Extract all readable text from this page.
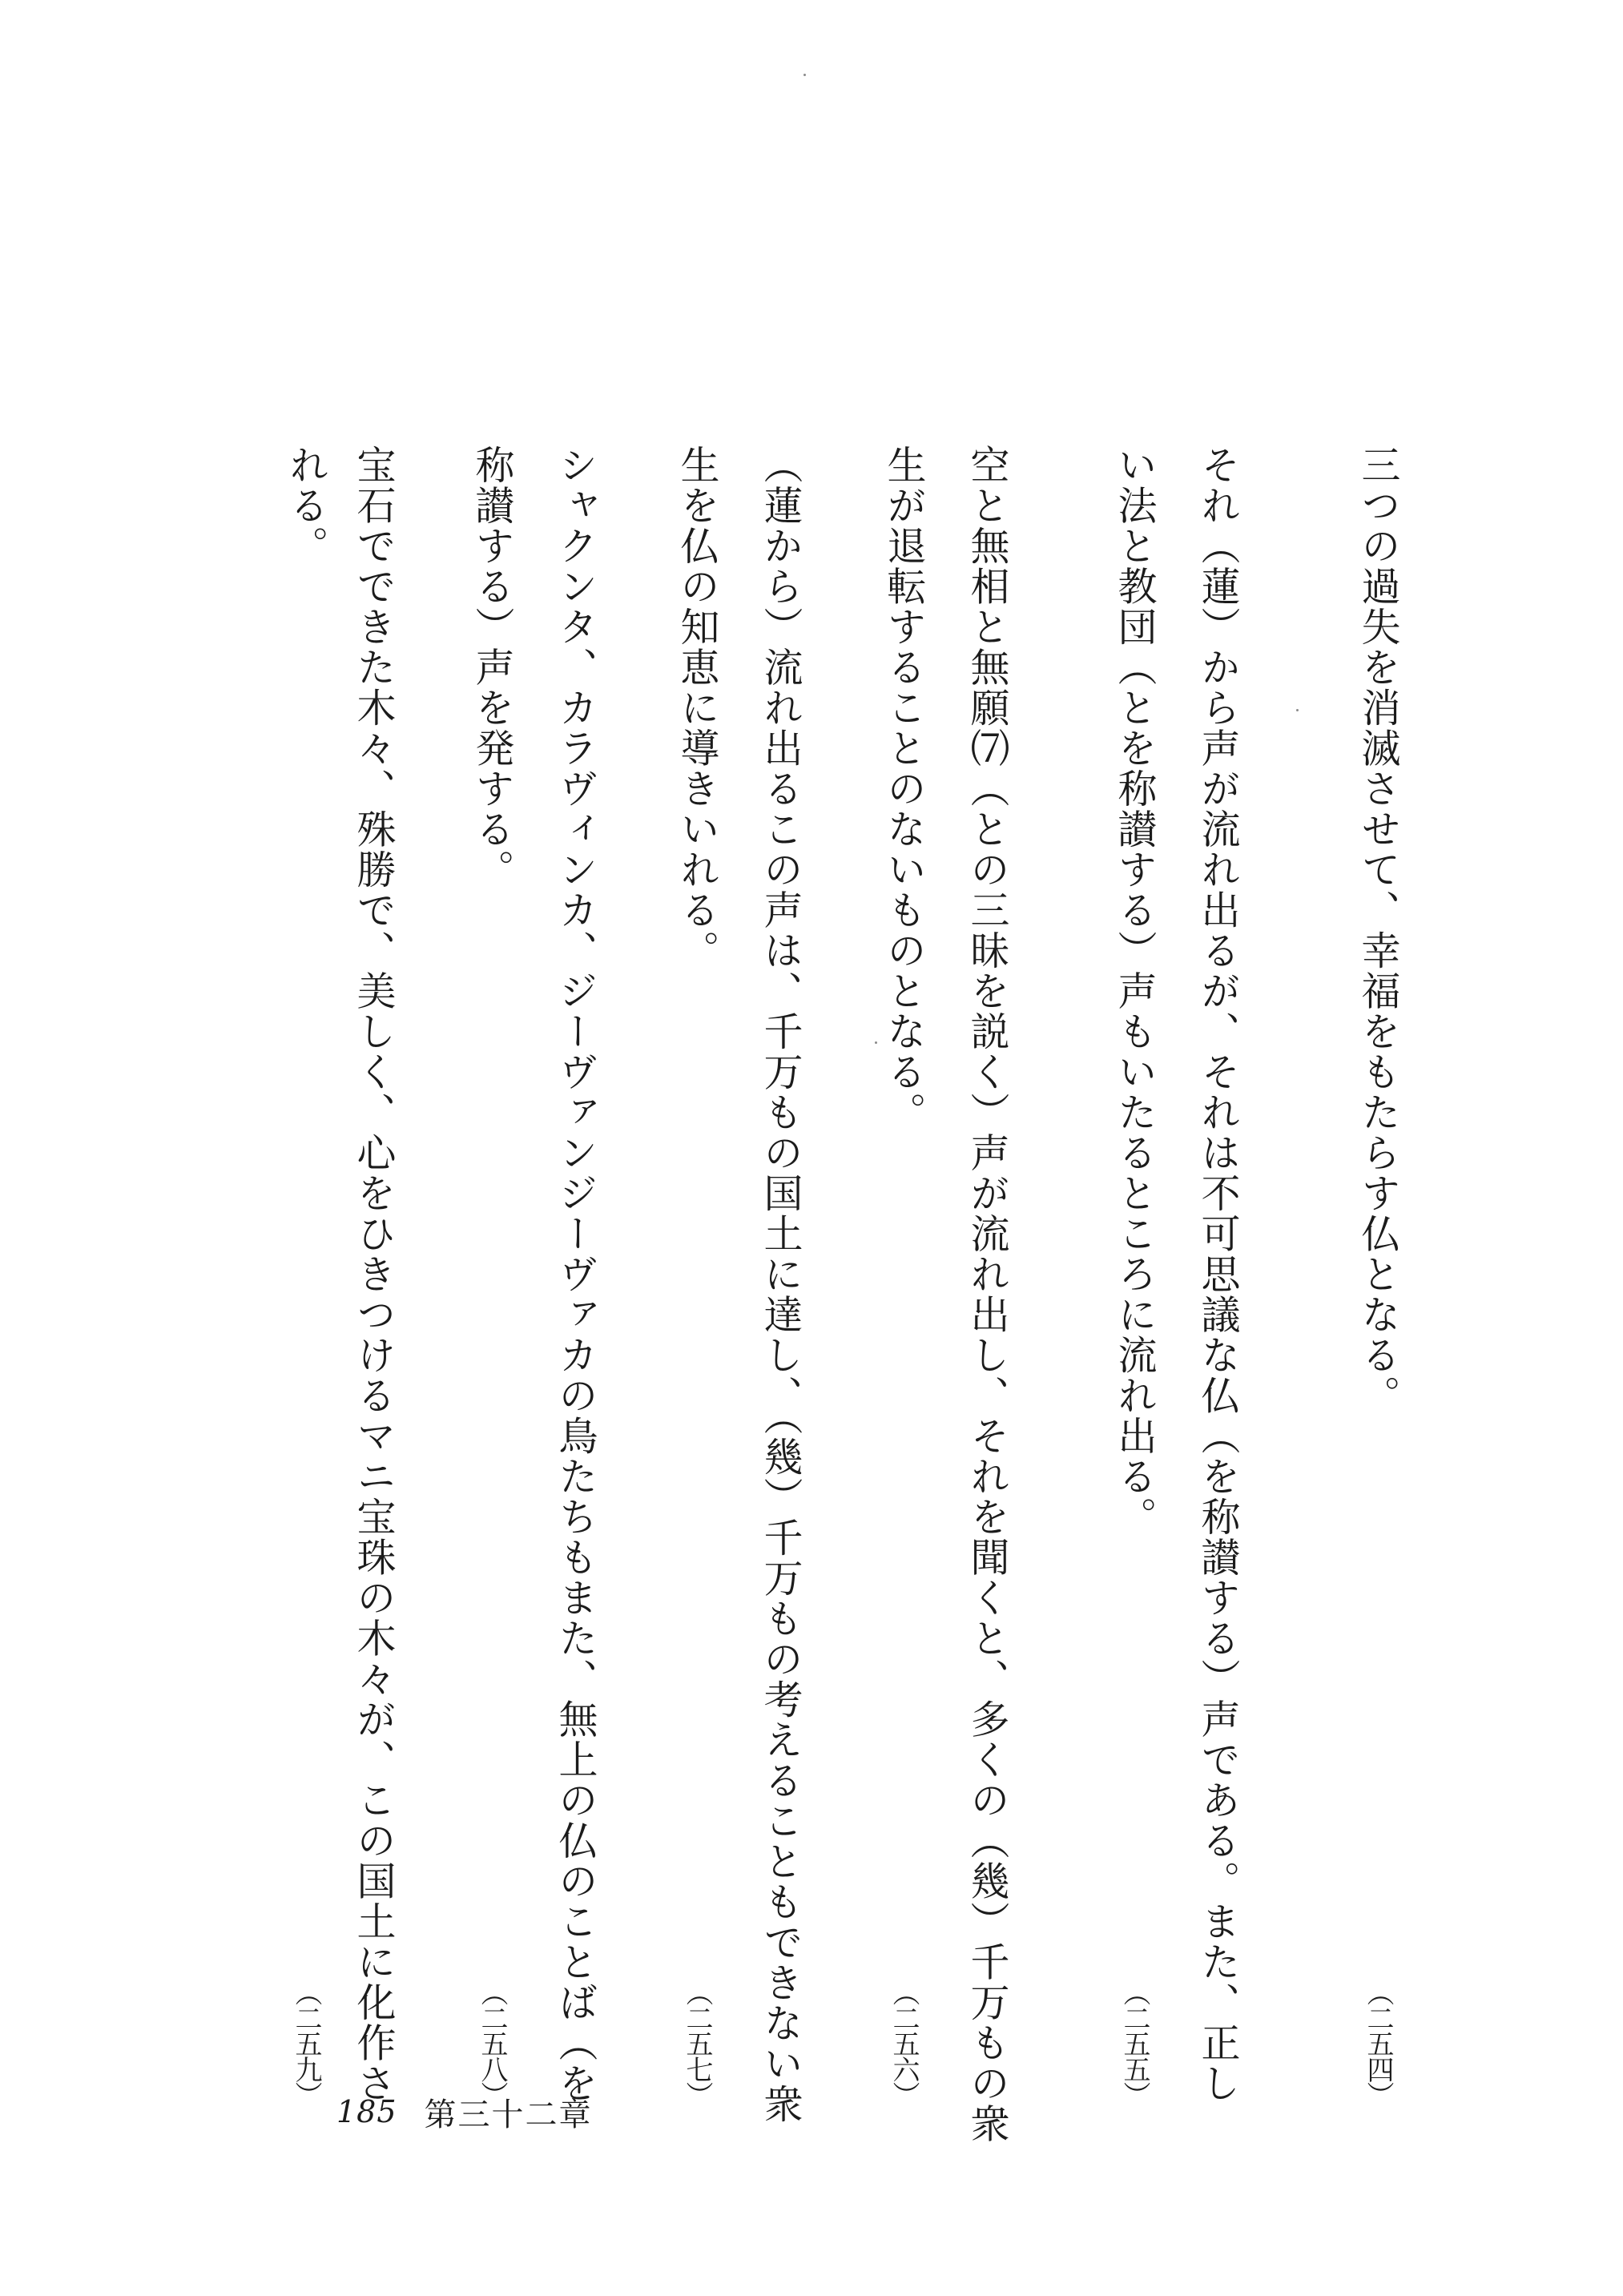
三つの過失を消滅させて、幸福をもたらす仏となる。
（二五四）
それ（蓮）から声が流れ出るが、それは不可思議な仏（を称讃する）声である。また、正し
い法と教団（とを称讃する）声もいたるところに流れ出る。
（二五五）
空と無相と無願⑺（との三昧を説く）声が流れ出し、それを聞くと、多くの（幾）千万もの衆
生が退転することのないものとなる。
（二五六）
（蓮から）流れ出るこの声は、千万もの国土に達し、（幾）千万もの考えることもできない衆
生を仏の知恵に導きいれる。
（二五七）
シャクンタ、カラヴィンカ、ジーヴァンジーヴァカの鳥たちもまた、無上の仏のことば（を
称讃する）声を発する。
（二五八）
宝石でできた木々、殊勝で、美しく、心をひきつけるマニ宝珠の木々が、この国土に化作さ
れる。
（二五九）
185 第三十二章
